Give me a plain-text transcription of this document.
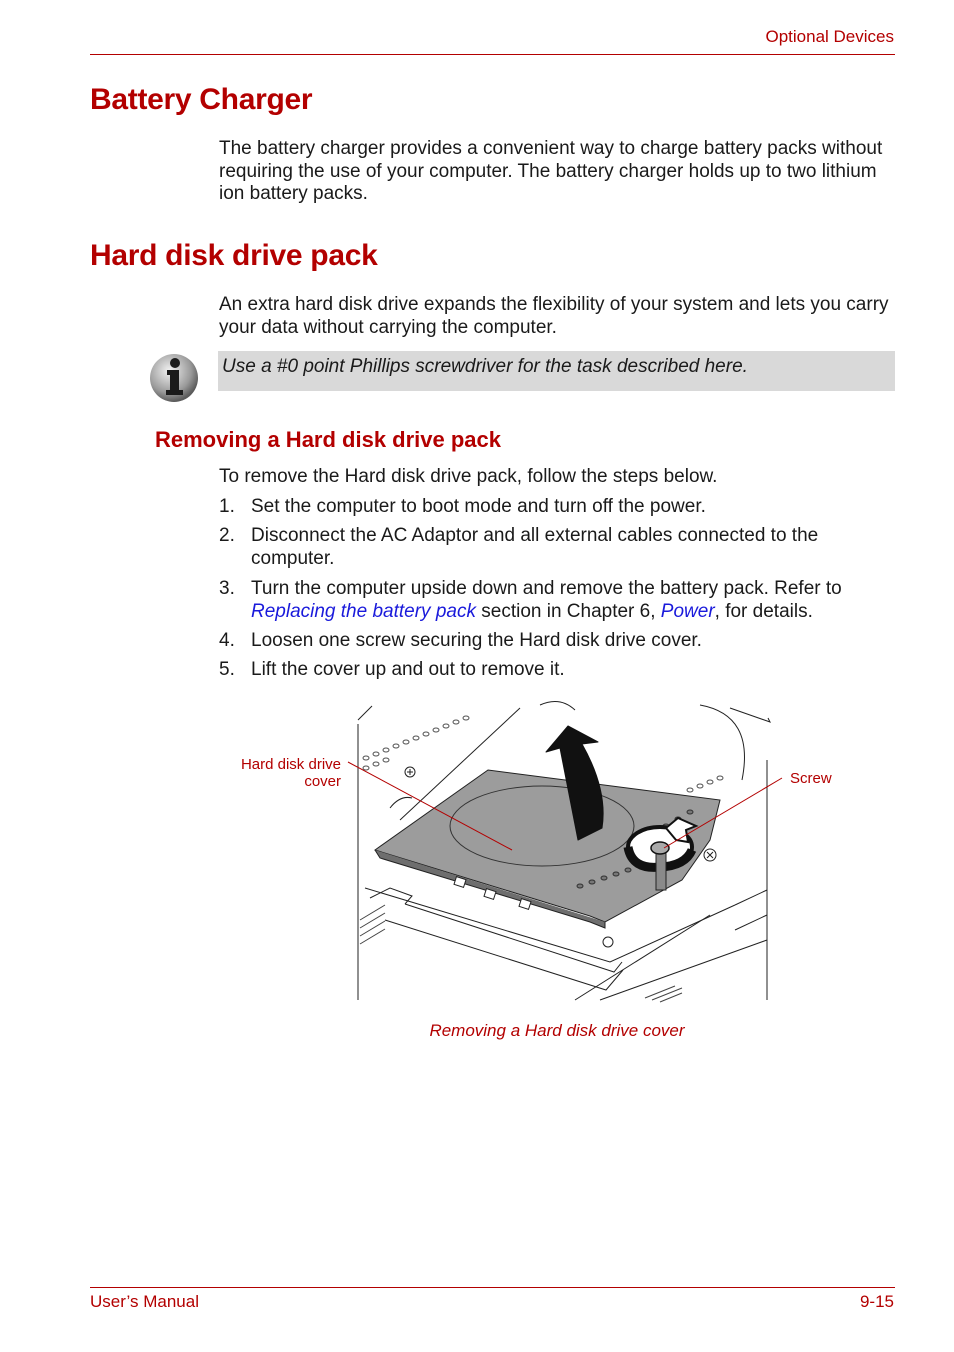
Optional Devices
Battery Charger

The battery charger provides a convenient way to charge battery packs without requiring the use of your computer. The battery charger holds up to two lithium ion battery packs.

Hard disk drive pack

An extra hard disk drive expands the flexibility of your system and lets you carry your data without carrying the computer.

Use a #0 point Phillips screwdriver for the task described here.
Removing a Hard disk drive pack

To remove the Hard disk drive pack, follow the steps below.

1. Set the computer to boot mode and turn off the power.
2. Disconnect the AC Adaptor and all external cables connected to the computer.
3. Turn the computer upside down and remove the battery pack. Refer to Replacing the battery pack section in Chapter 6, Power, for details.
4. Loosen one screw securing the Hard disk drive cover.
5. Lift the cover up and out to remove it.
Hard disk drive
cover	Screw
Removing a Hard disk drive cover
User’s Manual	9-15
